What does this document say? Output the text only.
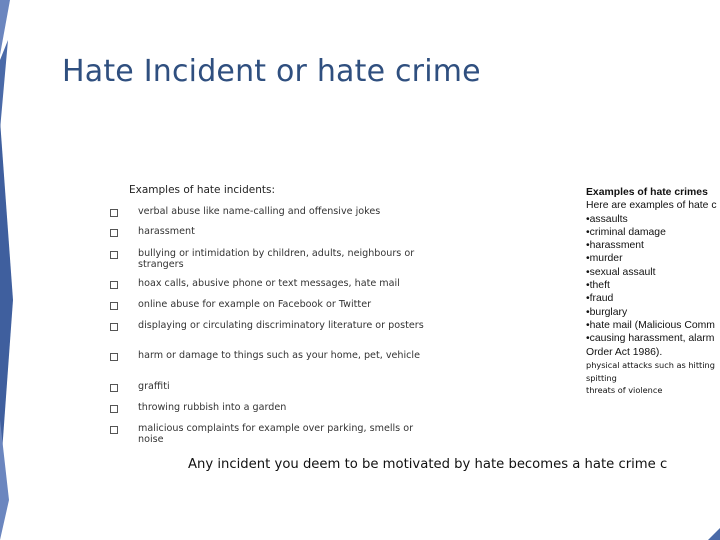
Hate Incident or hate crime
Examples of hate incidents:
verbal abuse like name-calling and offensive jokes
harassment
bullying or intimidation by children, adults, neighbours or strangers
hoax calls, abusive phone or text messages, hate mail
online abuse for example on Facebook or Twitter
displaying or circulating discriminatory literature or posters
harm or damage to things such as your home, pet, vehicle
graffiti
throwing rubbish into a garden
malicious complaints for example over parking, smells or noise
Examples of hate crimes
Here are examples of hate c
•assaults
•criminal damage
•harassment
•murder
•sexual assault
•theft
•fraud
•burglary
•hate mail (Malicious Comm
•causing harassment, alarm
Order Act 1986).
physical attacks such as hitting
spitting
threats of violence
Any incident you deem to be motivated by hate becomes a hate crime c
